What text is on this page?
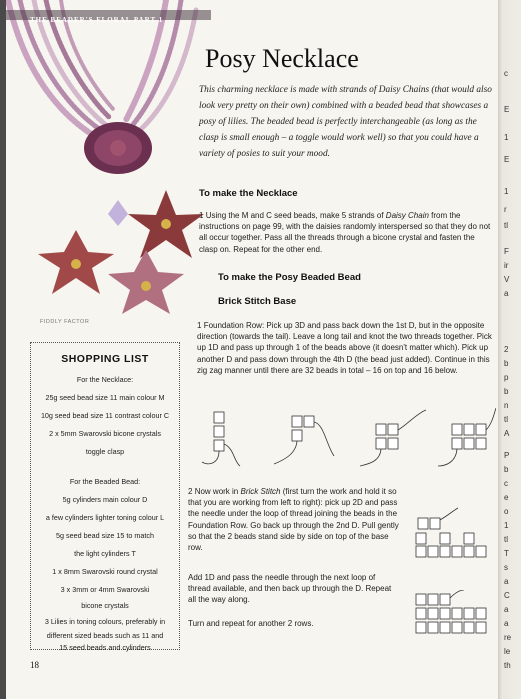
THE BEADER'S FLORAL PART 1
Posy Necklace

This charming necklace is made with strands of Daisy Chains (that would also look very pretty on their own) combined with a beaded bead that showcases a posy of lilies. The beaded bead is perfectly interchangeable (as long as the clasp is small enough – a toggle would work well) so that you could have a variety of posies to suit your mood.

To make the Necklace

1 Using the M and C seed beads, make 5 strands of Daisy Chain from the instructions on page 99, with the daisies randomly interspersed so that they do not all occur together. Pass all the threads through a bicone crystal and fasten the clasp on. Repeat for the other end.

To make the Posy Beaded Bead
Brick Stitch Base

1 Foundation Row: Pick up 3D and pass back down the 1st D, but in the opposite direction (towards the tail). Leave a long tail and knot the two threads together. Pick up 1D and pass up through 1 of the beads above (it doesn't matter which). Pick up another D and pass down through the 4th D (the bead just added). Continue in this zig zag manner until there are 32 beads in total – 16 on top and 16 below.

2 Now work in Brick Stitch (first turn the work and hold it so that you are working from left to right): pick up 2D and pass the needle under the loop of thread joining the beads in the Foundation Row. Go back up through the 2nd D. Pull gently so that the 2 beads stand side by side on top of the base row.

Add 1D and pass the needle through the next loop of thread available, and then back up through the D. Repeat all the way along.

Turn and repeat for another 2 rows.

FIDDLY FACTOR
SHOPPING LIST
For the Necklace:
25g seed bead size 11 main colour M
10g seed bead size 11 contrast colour C
2 x 5mm Swarovski bicone crystals
toggle clasp
For the Beaded Bead:
5g cylinders main colour D
a few cylinders lighter toning colour L
5g seed bead size 15 to match
the light cylinders T
1 x 8mm Swarovski round crystal
3 x 3mm or 4mm Swarovski
bicone crystals
3 Lilies in toning colours, preferably in
different sized beads such as 11 and
15 seed beads and cylinders
18
c
E
1
E
1
r
tl
F
ir
V
a
2
b
p
b
n
tl
A
P
b
c
e
o
1
tl
T
s
a
C
a
a
re
le
th
